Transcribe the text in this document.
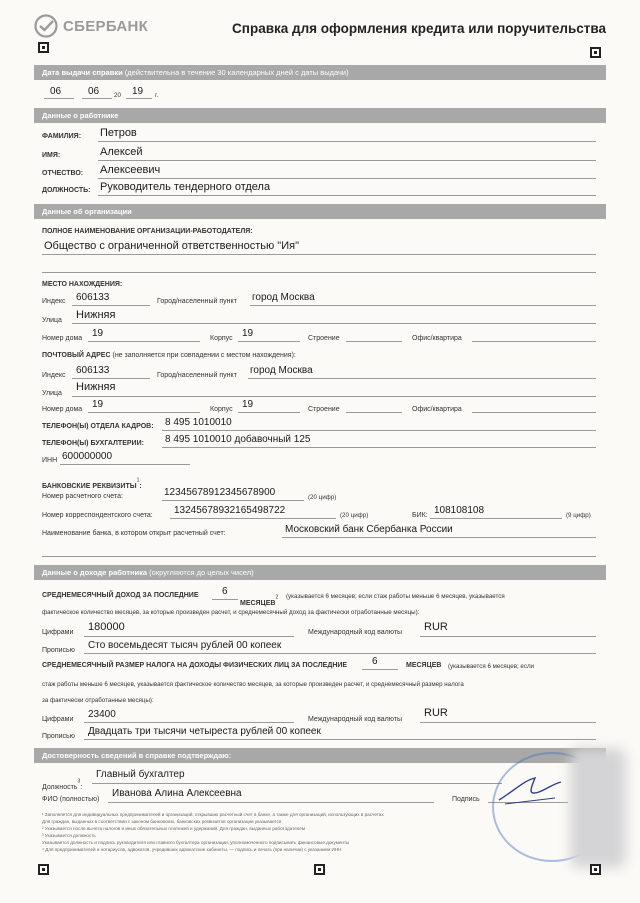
СБЕРБАНК	Справка для оформления кредита или поручительства
Дата выдачи справки (действительна в течение 30 календарных дней с даты выдачи)
06	06 20 19 г.
Данные о работнике
ФАМИЛИЯ: Петров
ИМЯ:	Алексей
ОТЧЕСТВО: Алексеевич
ДОЛЖНОСТЬ: Руководитель тендерного отдела
Данные об организации
ПОЛНОЕ НАИМЕНОВАНИЕ ОРГАНИЗАЦИИ-РАБОТОДАТЕЛЯ:
Общество с ограниченной ответственностью "Ия"
МЕСТО НАХОЖДЕНИЯ:
Индекс 606133	Город/населенный пункт город Москва
Улица Нижняя
Номер дома 19	Корпус 19	Строение	Офис/квартира
ПОЧТОВЫЙ АДРЕС (не заполняется при совпадении с местом нахождения):
Индекс 606133	Город/населенный пункт город Москва
Улица
Нижняя
Номер дома 19	Корпус 19	Строение	Офис/квартира
ТЕЛЕФОН(Ы) ОТДЕЛА КАДРОВ: 8 495 1010010
ТЕЛЕФОН(Ы) БУХГАЛТЕРИИ: 8 495 1010010 добавочный 125
ИНН 600000000
БАНКОВСКИЕ РЕКВИЗИТЫ$^1$:
Номер расчетного счета:	12345678912345678900	(20 цифр)
Номер корреспондентского счета: 13245678932165498722	(20 цифр)	БИК: 108108108	(9 цифр)
Наименование банка, в котором открыт расчетный счет:	Московский банк Сбербанка России
Данные о доходе работника (округляются до целых чисел)
СРЕДНЕМЕСЯЧНЫЙ ДОХОД ЗА ПОСЛЕДНИЕ 6
МЕСЯЦЕВ$^2$ (указывается 6 месяцев; если стаж работы меньше 6 месяцев, указывается
фактическое количество месяцев, за которые произведен расчет, и среднемесячный доход за фактически отработанные месяцы):
Цифрами 180000	Международный код валюты RUR
Прописью Сто восемьдесят тысяч рублей 00 копеек
СРЕДНЕМЕСЯЧНЫЙ РАЗМЕР НАЛОГА НА ДОХОДЫ ФИЗИЧЕСКИХ ЛИЦ ЗА ПОСЛЕДНИЕ 6	МЕСЯЦЕВ (указывается 6 месяцев; если
стаж работы меньше 6 месяцев, указывается фактическое количество месяцев, за которые произведен расчет, и среднемесячный размер налога
за фактически отработанные месяцы):
Цифрами 23400	Международный код валюты
RUR
Прописью Двадцать три тысячи четыреста рублей 00 копеек
Достоверность сведений в справке подтверждаю:
Должность$^3$:
Главный бухгалтер
ФИО (полностью)
Иванова Алина Алексеевна
Подпись
¹ Заполняется для индивидуальных предпринимателей и организаций, открывших расчетный счет в банке, а также для организаций, использующих в расчетах
Для граждан, выданных в соответствии с законом банковских, банковских реквизитов организации указывается
² Указывается после вычета налогов и иных обязательных платежей и удержаний. Для граждан, выданных работодателем
³ Указывается должность
Указывается должность и подпись руководителя или главного бухгалтера организации, уполномоченного подписывать финансовые документы
⁴ Для предпринимателей и нотариусов, адвокатов, учредивших адвокатские кабинеты, — подпись и печать (при наличии) с указанием ИНН
